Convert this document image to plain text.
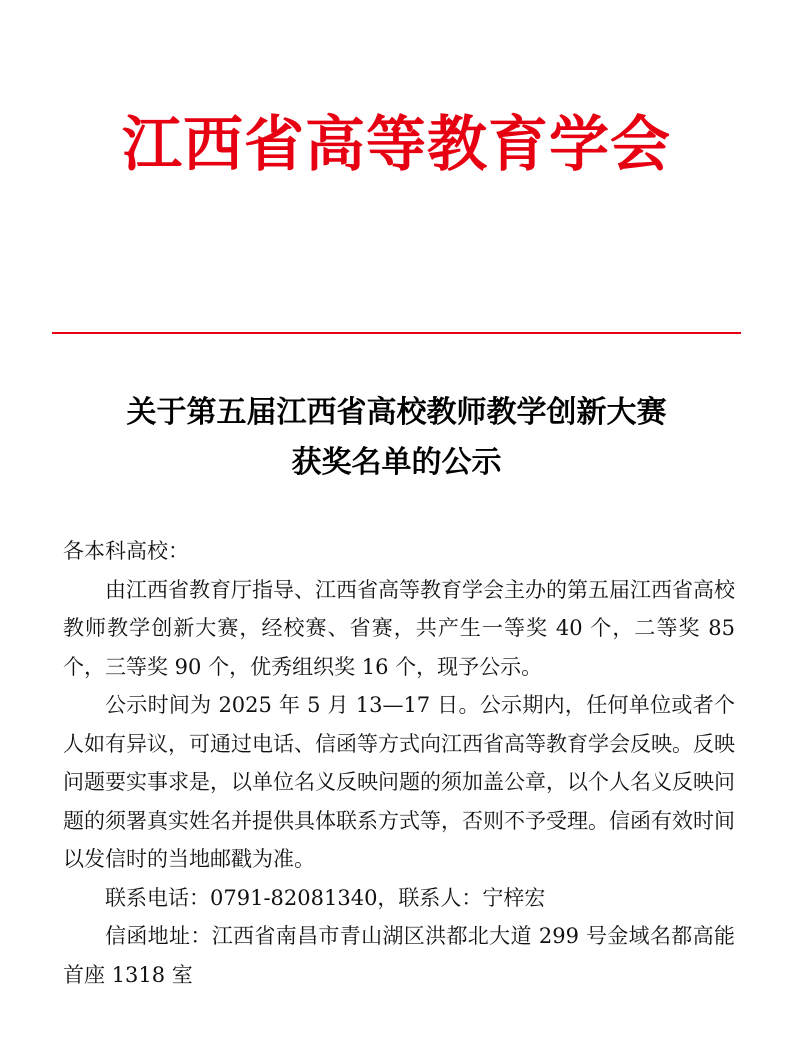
江西省高等教育学会
关于第五届江西省高校教师教学创新大赛
获奖名单的公示

各本科高校：

由江西省教育厅指导、江西省高等教育学会主办的第五届江西省高校教师教学创新大赛，经校赛、省赛，共产生一等奖 40 个，二等奖 85 个，三等奖 90 个，优秀组织奖 16 个，现予公示。

公示时间为 2025 年 5 月 13—17 日。公示期内，任何单位或者个人如有异议，可通过电话、信函等方式向江西省高等教育学会反映。反映问题要实事求是，以单位名义反映问题的须加盖公章，以个人名义反映问题的须署真实姓名并提供具体联系方式等，否则不予受理。信函有效时间以发信时的当地邮戳为准。

联系电话：0791-82081340，联系人：宁梓宏

信函地址：江西省南昌市青山湖区洪都北大道 299 号金域名都高能首座 1318 室
